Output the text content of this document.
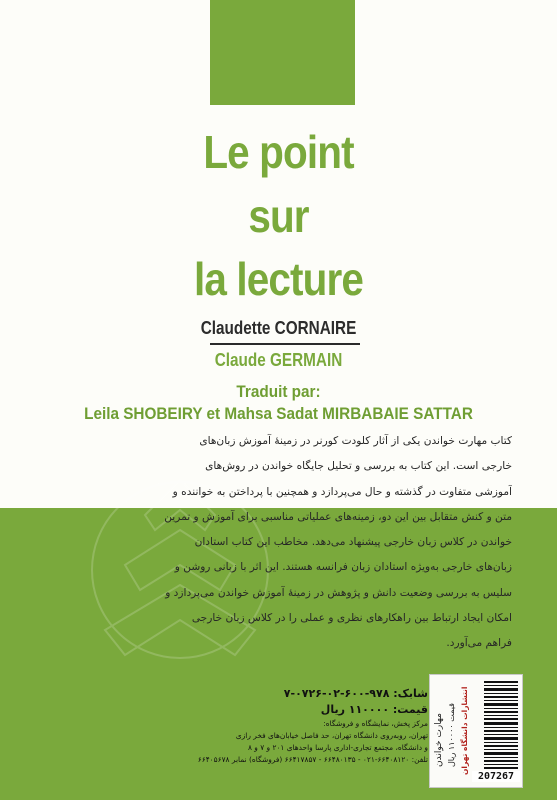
Le point
sur
la lecture
Claudette CORNAIRE
Claude GERMAIN
Traduit par:
Leila SHOBEIRY et Mahsa Sadat MIRBABAIE SATTAR
کتاب مهارت خواندن یکی از آثار کلودت کورنر در زمینهٔ آموزش زبان‌های
خارجی است. این کتاب به بررسی و تحلیل جایگاه خواندن در روش‌های
آموزشی متفاوت در گذشته و حال می‌پردازد و همچنین با پرداختن به خواننده و
متن و کنش متقابل بین این دو، زمینه‌های عملیاتی مناسبی برای آموزش و تمرین
خواندن در کلاس زبان خارجی پیشنهاد می‌دهد. مخاطب این کتاب استادان
زبان‌های خارجی به‌ویژه استادان زبان فرانسه هستند. این اثر با زبانی روشن و
سلیس به بررسی وضعیت دانش و پژوهش در زمینهٔ آموزش خواندن می‌پردازد و
امکان ایجاد ارتباط بین راهکارهای نظری و عملی را در کلاس زبان خارجی
فراهم می‌آورد.
شابک: ۹۷۸-۶۰۰-۰۲-۰۷۲۶-۷
قیمت: ۱۱۰۰۰۰ ریال
مرکز پخش، نمایشگاه و فروشگاه:
تهران، روبه‌روی دانشگاه تهران، حد فاصل خیابان‌های فخر رازی
و دانشگاه، مجتمع تجاری-اداری پارسا واحدهای ۲۰۱ و ۷ و ۸
تلفن: ۶۶۴۰۸۱۲۰-۰۲۱ - ۶۶۴۸۰۱۳۵ - ۶۶۴۱۷۸۵۷ (فروشگاه) نمابر ۶۶۴۰۵۶۷۸ مهارت خواندن قیمت ۱۱۰۰۰۰ ریال انتشارات دانشگاه تهران
207267
